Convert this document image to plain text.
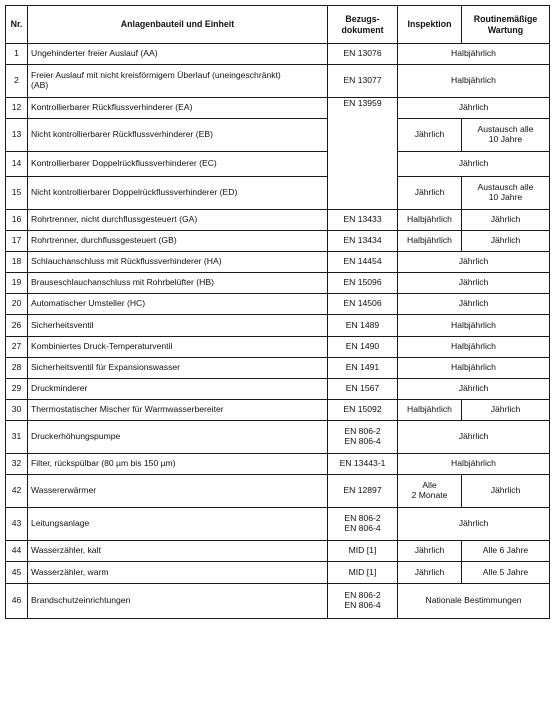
Nr.	Anlagenbauteil und Einheit	Bezugs-
dokument	Inspektion	Routinemäßige
Wartung
1	Ungehinderter freier Auslauf (AA)	EN 13076	Halbjährlich	
2	Freier Auslauf mit nicht kreisförmigem Überlauf (uneingeschränkt)
(AB)	EN 13077	Halbjährlich	
12	Kontrollierbarer Rückflussverhinderer (EA)	EN 13959	Jährlich	
13	Nicht kontrollierbarer Rückflussverhinderer (EB)		Jährlich	Austausch alle
10 Jahre
14	Kontrollierbarer Doppelrückflussverhinderer (EC)		Jährlich	
15	Nicht kontrollierbarer Doppelrückflussverhinderer (ED)		Jährlich	Austausch alle
10 Jahre
16	Rohrtrenner, nicht durchflussgesteuert (GA)	EN 13433	Halbjährlich	Jährlich
17	Rohrtrenner, durchflussgesteuert (GB)	EN 13434	Halbjährlich	Jährlich
18	Schlauchanschluss mit Rückflussverhinderer (HA)	EN 14454	Jährlich	
19	Brauseschlauchanschluss mit Rohrbelüfter (HB)	EN 15096	Jährlich	
20	Automatischer Umsteller (HC)	EN 14506	Jährlich	
26	Sicherheitsventil	EN 1489	Halbjährlich	
27	Kombiniertes Druck-Temperaturventil	EN 1490	Halbjährlich	
28	Sicherheitsventil für Expansionswasser	EN 1491	Halbjährlich	
29	Druckminderer	EN 1567	Jährlich	
30	Thermostatischer Mischer für Warmwasserbereiter	EN 15092	Halbjährlich	Jährlich
31	Druckerhöhungspumpe	EN 806-2
EN 806-4	Jährlich	
32	Filter, rückspülbar (80 µm bis 150 µm)	EN 13443-1	Halbjährlich	
42	Wassererwärmer	EN 12897	Alle
2 Monate	Jährlich
43	Leitungsanlage	EN 806-2
EN 806-4	Jährlich	
44	Wasserzähler, kalt	MID [1]	Jährlich	Alle 6 Jahre
45	Wasserzähler, warm	MID [1]	Jährlich	Alle 5 Jahre
46	Brandschutzeinrichtungen	EN 806-2
EN 806-4	Nationale Bestimmungen	
